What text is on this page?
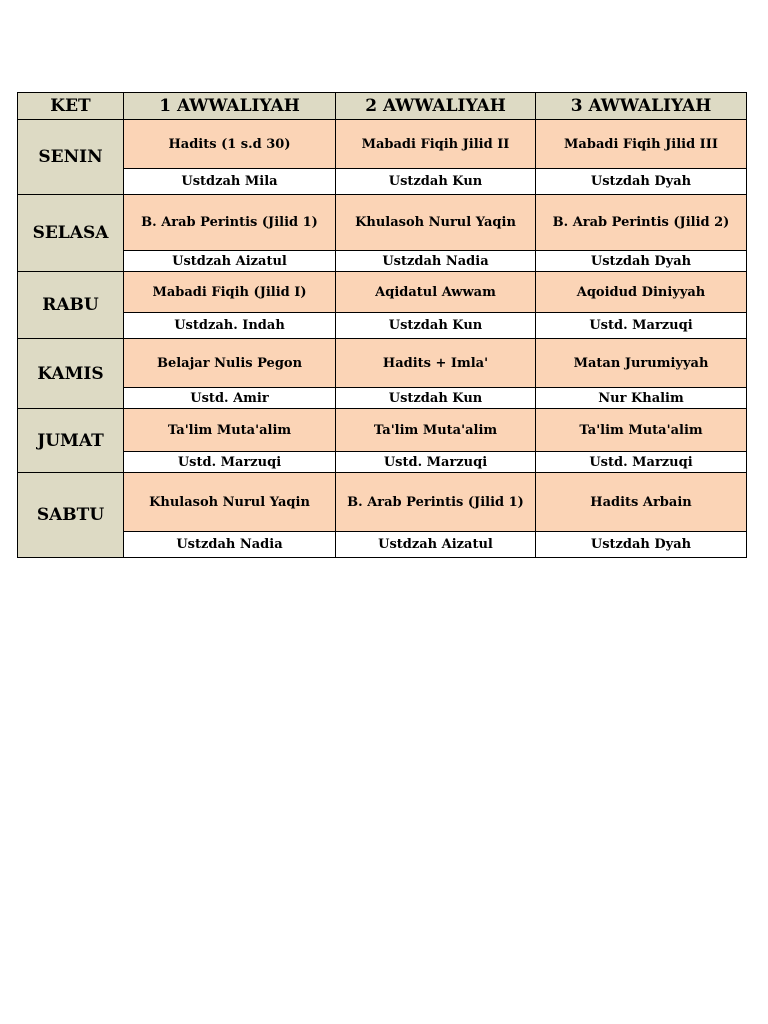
KET	1 AWWALIYAH	2 AWWALIYAH	3 AWWALIYAH
SENIN	Hadits (1 s.d 30)	Mabadi Fiqih Jilid II	Mabadi Fiqih Jilid III
	Ustdzah Mila	Ustzdah Kun	Ustzdah Dyah
SELASA	B. Arab Perintis (Jilid 1)	Khulasoh Nurul Yaqin	B. Arab Perintis (Jilid 2)
	Ustdzah Aizatul	Ustzdah Nadia	Ustzdah Dyah
RABU	Mabadi Fiqih (Jilid I)	Aqidatul Awwam	Aqoidud Diniyyah
	Ustdzah. Indah	Ustzdah Kun	Ustd. Marzuqi
KAMIS	Belajar Nulis Pegon	Hadits + Imla'	Matan Jurumiyyah
	Ustd. Amir	Ustzdah Kun	Nur Khalim
JUMAT	Ta'lim Muta'alim	Ta'lim Muta'alim	Ta'lim Muta'alim
	Ustd. Marzuqi	Ustd. Marzuqi	Ustd. Marzuqi
SABTU	Khulasoh Nurul Yaqin	B. Arab Perintis (Jilid 1)	Hadits Arbain
	Ustzdah Nadia	Ustdzah Aizatul	Ustzdah Dyah
